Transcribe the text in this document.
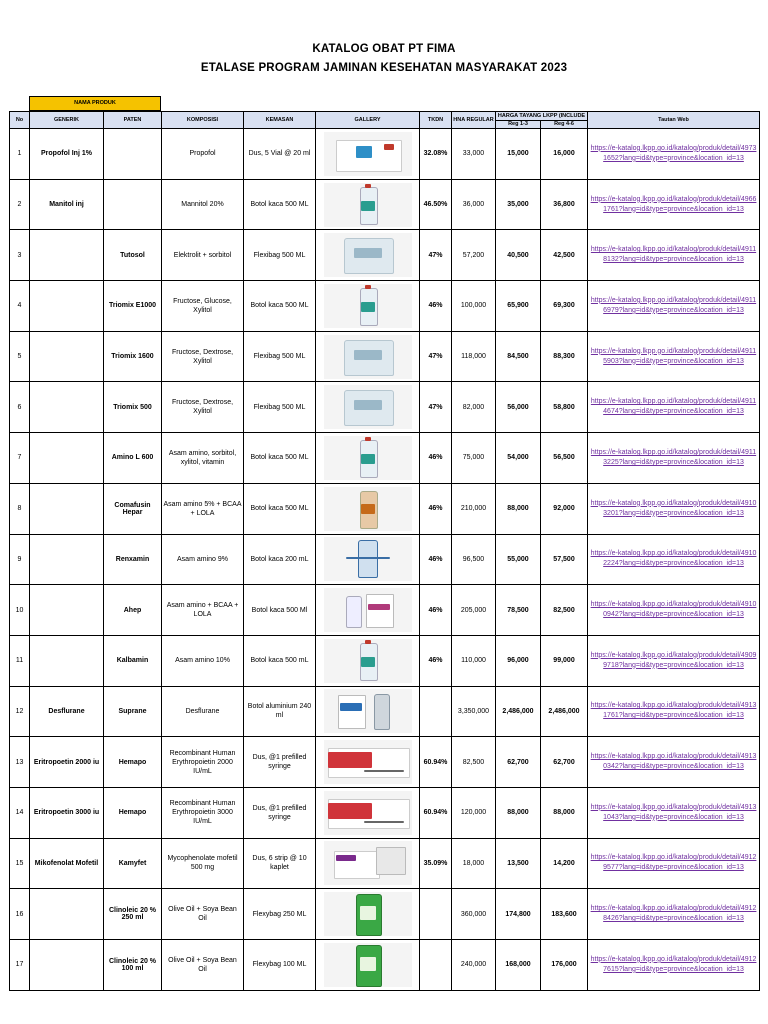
KATALOG OBAT PT FIMA
ETALASE PROGRAM JAMINAN KESEHATAN MASYARAKAT 2023
NAMA PRODUK
No	GENERIK	PATEN	KOMPOSISI	KEMASAN	GALLERY	TKDN	HNA REGULAR	HARGA TAYANG LKPP (INCLUDE		Tautan Web
								Reg 1-3	Reg 4-6	
1	Propofol Inj 1%		Propofol	Dus, 5 Vial @ 20 ml		32.08%	33,000	15,000	16,000	https://e-katalog.lkpp.go.id/katalog/produk/detail/49731652?lang=id&type=province&location_id=13
2	Manitol inj		Mannitol 20%	Botol kaca 500 ML		46.50%	36,000	35,000	36,800	https://e-katalog.lkpp.go.id/katalog/produk/detail/49661761?lang=id&type=province&location_id=13
3		Tutosol	Elektrolit + sorbitol	Flexibag 500 ML		47%	57,200	40,500	42,500	https://e-katalog.lkpp.go.id/katalog/produk/detail/49118132?lang=id&type=province&location_id=13
4		Triomix E1000	Fructose, Glucose, Xylitol	Botol kaca 500 ML		46%	100,000	65,900	69,300	https://e-katalog.lkpp.go.id/katalog/produk/detail/49116979?lang=id&type=province&location_id=13
5		Triomix 1600	Fructose, Dextrose, Xylitol	Flexibag 500 ML		47%	118,000	84,500	88,300	https://e-katalog.lkpp.go.id/katalog/produk/detail/49115903?lang=id&type=province&location_id=13
6		Triomix 500	Fructose, Dextrose, Xylitol	Flexibag 500 ML		47%	82,000	56,000	58,800	https://e-katalog.lkpp.go.id/katalog/produk/detail/49114674?lang=id&type=province&location_id=13
7		Amino L 600	Asam amino, sorbitol, xylitol, vitamin	Botol kaca 500 ML		46%	75,000	54,000	56,500	https://e-katalog.lkpp.go.id/katalog/produk/detail/49113225?lang=id&type=province&location_id=13
8		Comafusin Hepar	Asam amino 5% + BCAA + LOLA	Botol kaca 500 ML		46%	210,000	88,000	92,000	https://e-katalog.lkpp.go.id/katalog/produk/detail/49103201?lang=id&type=province&location_id=13
9		Renxamin	Asam amino 9%	Botol kaca 200 mL		46%	96,500	55,000	57,500	https://e-katalog.lkpp.go.id/katalog/produk/detail/49102224?lang=id&type=province&location_id=13
10		Ahep	Asam amino + BCAA + LOLA	Botol kaca 500 Ml		46%	205,000	78,500	82,500	https://e-katalog.lkpp.go.id/katalog/produk/detail/49100942?lang=id&type=province&location_id=13
11		Kalbamin	Asam amino 10%	Botol kaca 500 mL		46%	110,000	96,000	99,000	https://e-katalog.lkpp.go.id/katalog/produk/detail/49099718?lang=id&type=province&location_id=13
12	Desflurane	Suprane	Desflurane	Botol aluminium 240 ml			3,350,000	2,486,000	2,486,000	https://e-katalog.lkpp.go.id/katalog/produk/detail/49131761?lang=id&type=province&location_id=13
13	Eritropoetin 2000 iu	Hemapo	Recombinant Human Erythropoietin 2000 IU/mL	Dus, @1 prefilled syringe		60.94%	82,500	62,700	62,700	https://e-katalog.lkpp.go.id/katalog/produk/detail/49130342?lang=id&type=province&location_id=13
14	Eritropoetin 3000 iu	Hemapo	Recombinant Human Erythropoietin 3000 IU/mL	Dus, @1 prefilled syringe		60.94%	120,000	88,000	88,000	https://e-katalog.lkpp.go.id/katalog/produk/detail/49131043?lang=id&type=province&location_id=13
15	Mikofenolat Mofetil	Kamyfet	Mycophenolate mofetil 500 mg	Dus, 6 strip @ 10 kaplet		35.09%	18,000	13,500	14,200	https://e-katalog.lkpp.go.id/katalog/produk/detail/49129577?lang=id&type=province&location_id=13
16		Clinoleic 20 % 250 ml	Olive Oil + Soya Bean Oil	Flexybag 250 ML			360,000	174,800	183,600	https://e-katalog.lkpp.go.id/katalog/produk/detail/49128426?lang=id&type=province&location_id=13
17		Clinoleic 20 % 100 ml	Olive Oil + Soya Bean Oil	Flexybag 100 ML			240,000	168,000	176,000	https://e-katalog.lkpp.go.id/katalog/produk/detail/49127615?lang=id&type=province&location_id=13
